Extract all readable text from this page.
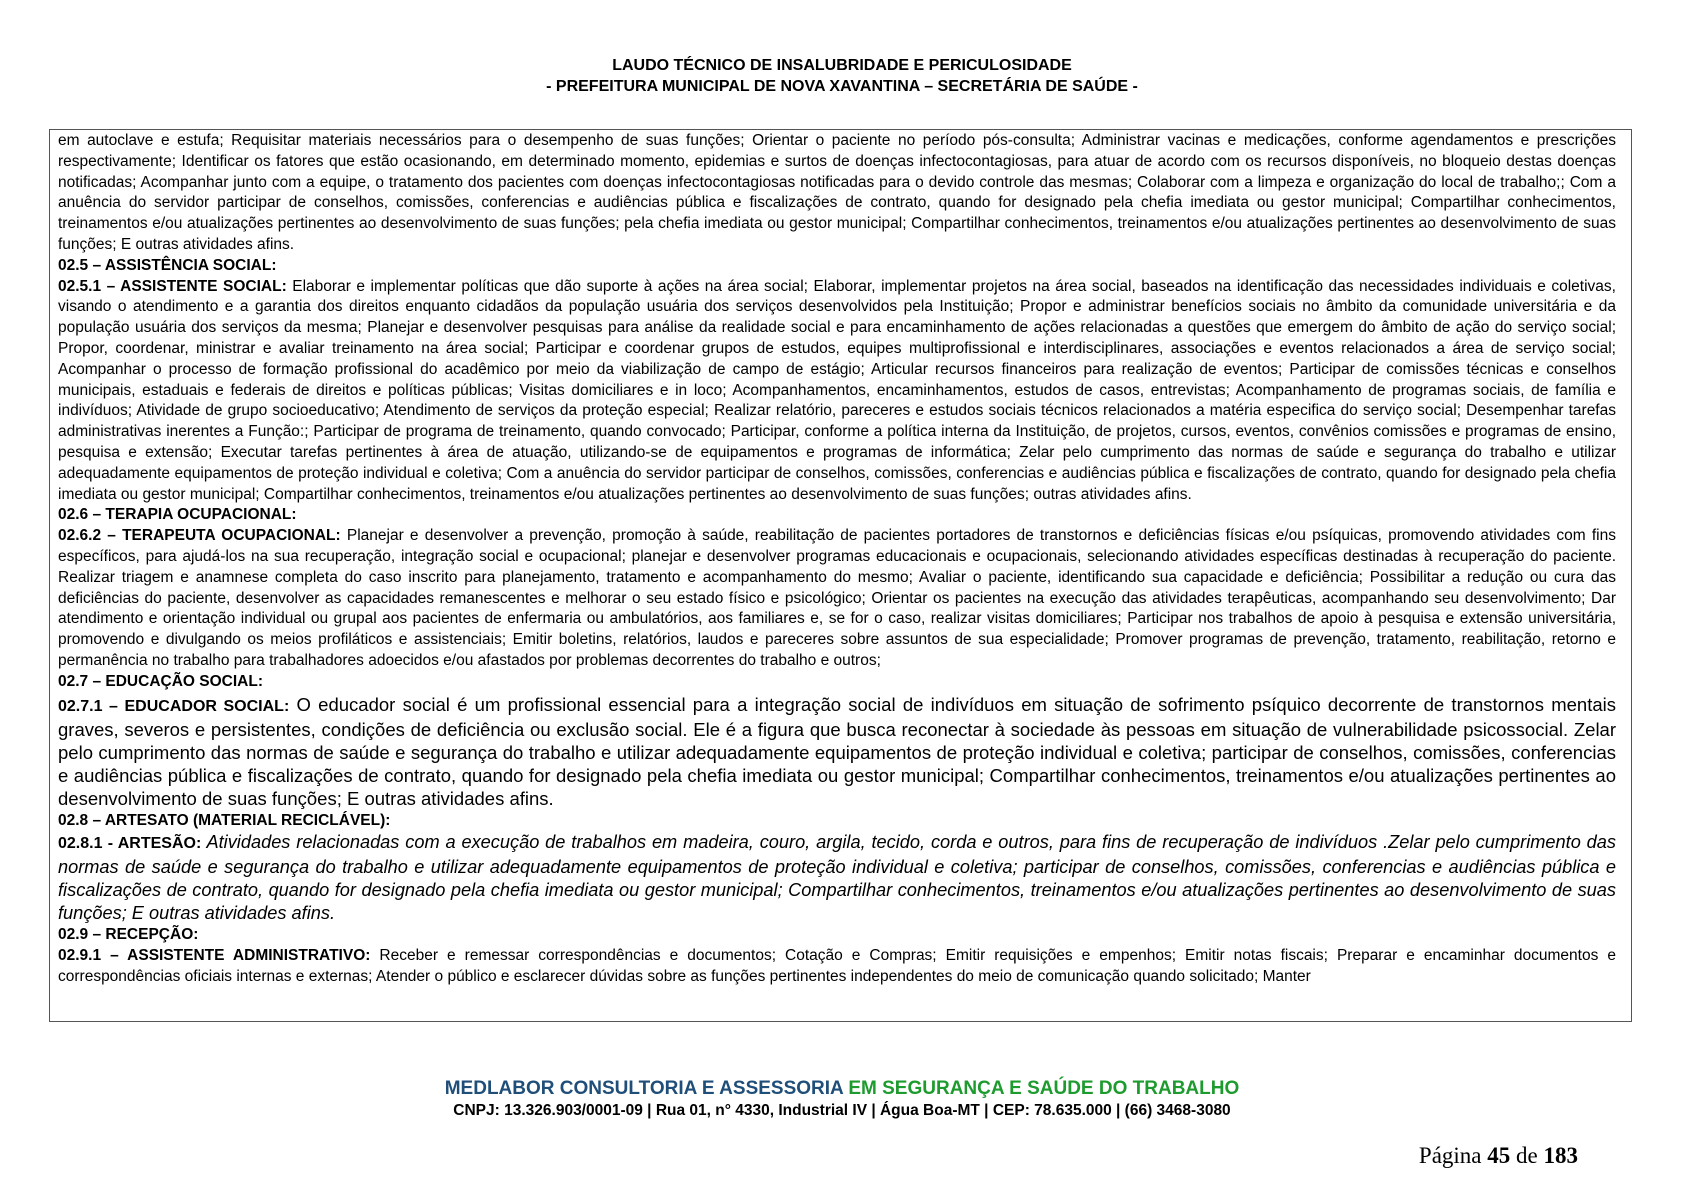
LAUDO TÉCNICO DE INSALUBRIDADE E PERICULOSIDADE
- PREFEITURA MUNICIPAL DE NOVA XAVANTINA – SECRETÁRIA DE SAÚDE -

em autoclave e estufa; Requisitar materiais necessários para o desempenho de suas funções; Orientar o paciente no período pós-consulta; Administrar vacinas e medicações, conforme agendamentos e prescrições respectivamente; Identificar os fatores que estão ocasionando, em determinado momento, epidemias e surtos de doenças infectocontagiosas, para atuar de acordo com os recursos disponíveis, no bloqueio destas doenças notificadas; Acompanhar junto com a equipe, o tratamento dos pacientes com doenças infectocontagiosas notificadas para o devido controle das mesmas; Colaborar com a limpeza e organização do local de trabalho;; Com a anuência do servidor participar de conselhos, comissões, conferencias e audiências pública e fiscalizações de contrato, quando for designado pela chefia imediata ou gestor municipal; Compartilhar conhecimentos, treinamentos e/ou atualizações pertinentes ao desenvolvimento de suas funções; pela chefia imediata ou gestor municipal; Compartilhar conhecimentos, treinamentos e/ou atualizações pertinentes ao desenvolvimento de suas funções; E outras atividades afins.

02.5 – ASSISTÊNCIA SOCIAL:

02.5.1 – ASSISTENTE SOCIAL: Elaborar e implementar políticas que dão suporte à ações na área social; Elaborar, implementar projetos na área social, baseados na identificação das necessidades individuais e coletivas, visando o atendimento e a garantia dos direitos enquanto cidadãos da população usuária dos serviços desenvolvidos pela Instituição; Propor e administrar benefícios sociais no âmbito da comunidade universitária e da população usuária dos serviços da mesma; Planejar e desenvolver pesquisas para análise da realidade social e para encaminhamento de ações relacionadas a questões que emergem do âmbito de ação do serviço social; Propor, coordenar, ministrar e avaliar treinamento na área social; Participar e coordenar grupos de estudos, equipes multiprofissional e interdisciplinares, associações e eventos relacionados a área de serviço social; Acompanhar o processo de formação profissional do acadêmico por meio da viabilização de campo de estágio; Articular recursos financeiros para realização de eventos; Participar de comissões técnicas e conselhos municipais, estaduais e federais de direitos e políticas públicas; Visitas domiciliares e in loco; Acompanhamentos, encaminhamentos, estudos de casos, entrevistas; Acompanhamento de programas sociais, de família e indivíduos; Atividade de grupo socioeducativo; Atendimento de serviços da proteção especial; Realizar relatório, pareceres e estudos sociais técnicos relacionados a matéria especifica do serviço social; Desempenhar tarefas administrativas inerentes a Função:; Participar de programa de treinamento, quando convocado; Participar, conforme a política interna da Instituição, de projetos, cursos, eventos, convênios comissões e programas de ensino, pesquisa e extensão; Executar tarefas pertinentes à área de atuação, utilizando-se de equipamentos e programas de informática; Zelar pelo cumprimento das normas de saúde e segurança do trabalho e utilizar adequadamente equipamentos de proteção individual e coletiva; Com a anuência do servidor participar de conselhos, comissões, conferencias e audiências pública e fiscalizações de contrato, quando for designado pela chefia imediata ou gestor municipal; Compartilhar conhecimentos, treinamentos e/ou atualizações pertinentes ao desenvolvimento de suas funções; outras atividades afins.

02.6 – TERAPIA OCUPACIONAL:

02.6.2 – TERAPEUTA OCUPACIONAL: Planejar e desenvolver a prevenção, promoção à saúde, reabilitação de pacientes portadores de transtornos e deficiências físicas e/ou psíquicas, promovendo atividades com fins específicos, para ajudá-los na sua recuperação, integração social e ocupacional; planejar e desenvolver programas educacionais e ocupacionais, selecionando atividades específicas destinadas à recuperação do paciente. Realizar triagem e anamnese completa do caso inscrito para planejamento, tratamento e acompanhamento do mesmo; Avaliar o paciente, identificando sua capacidade e deficiência; Possibilitar a redução ou cura das deficiências do paciente, desenvolver as capacidades remanescentes e melhorar o seu estado físico e psicológico; Orientar os pacientes na execução das atividades terapêuticas, acompanhando seu desenvolvimento; Dar atendimento e orientação individual ou grupal aos pacientes de enfermaria ou ambulatórios, aos familiares e, se for o caso, realizar visitas domiciliares; Participar nos trabalhos de apoio à pesquisa e extensão universitária, promovendo e divulgando os meios profiláticos e assistenciais; Emitir boletins, relatórios, laudos e pareceres sobre assuntos de sua especialidade; Promover programas de prevenção, tratamento, reabilitação, retorno e permanência no trabalho para trabalhadores adoecidos e/ou afastados por problemas decorrentes do trabalho e outros;

02.7 – EDUCAÇÃO SOCIAL:

02.7.1 – EDUCADOR SOCIAL: O educador social é um profissional essencial para a integração social de indivíduos em situação de sofrimento psíquico decorrente de transtornos mentais graves, severos e persistentes, condições de deficiência ou exclusão social. Ele é a figura que busca reconectar à sociedade às pessoas em situação de vulnerabilidade psicossocial. Zelar pelo cumprimento das normas de saúde e segurança do trabalho e utilizar adequadamente equipamentos de proteção individual e coletiva; participar de conselhos, comissões, conferencias e audiências pública e fiscalizações de contrato, quando for designado pela chefia imediata ou gestor municipal; Compartilhar conhecimentos, treinamentos e/ou atualizações pertinentes ao desenvolvimento de suas funções; E outras atividades afins.

02.8 – ARTESATO (MATERIAL RECICLÁVEL):

02.8.1 - ARTESÃO: Atividades relacionadas com a execução de trabalhos em madeira, couro, argila, tecido, corda e outros, para fins de recuperação de indivíduos .Zelar pelo cumprimento das normas de saúde e segurança do trabalho e utilizar adequadamente equipamentos de proteção individual e coletiva; participar de conselhos, comissões, conferencias e audiências pública e fiscalizações de contrato, quando for designado pela chefia imediata ou gestor municipal; Compartilhar conhecimentos, treinamentos e/ou atualizações pertinentes ao desenvolvimento de suas funções; E outras atividades afins.

02.9 – RECEPÇÃO:

02.9.1 – ASSISTENTE ADMINISTRATIVO: Receber e remessar correspondências e documentos; Cotação e Compras; Emitir requisições e empenhos; Emitir notas fiscais; Preparar e encaminhar documentos e correspondências oficiais internas e externas; Atender o público e esclarecer dúvidas sobre as funções pertinentes independentes do meio de comunicação quando solicitado; Manter

MEDLABOR CONSULTORIA E ASSESSORIA EM SEGURANÇA E SAÚDE DO TRABALHO
CNPJ: 13.326.903/0001-09 | Rua 01, n° 4330, Industrial IV | Água Boa-MT | CEP: 78.635.000 | (66) 3468-3080
Página 45 de 183
